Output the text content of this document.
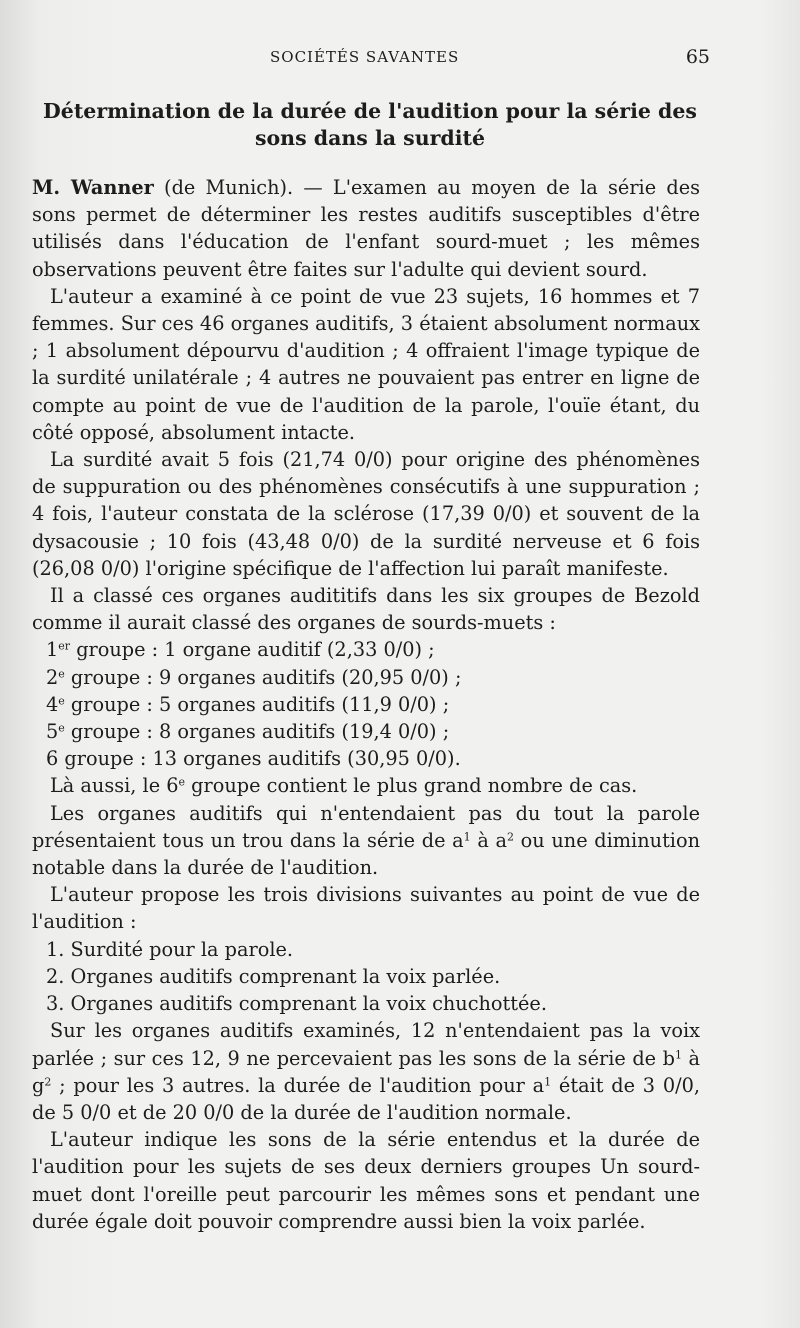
SOCIÉTÉS SAVANTES	65
Détermination de la durée de l'audition pour la série des
sons dans la surdité

M. Wanner (de Munich). — L'examen au moyen de la série des sons permet de déterminer les restes auditifs susceptibles d'être utilisés dans l'éducation de l'enfant sourd-muet ; les mêmes observations peuvent être faites sur l'adulte qui devient sourd.

L'auteur a examiné à ce point de vue 23 sujets, 16 hommes et 7 femmes. Sur ces 46 organes auditifs, 3 étaient absolument normaux ; 1 absolument dépourvu d'audition ; 4 offraient l'image typique de la surdité unilatérale ; 4 autres ne pouvaient pas entrer en ligne de compte au point de vue de l'audition de la parole, l'ouïe étant, du côté opposé, absolument intacte.

La surdité avait 5 fois (21,74 0/0) pour origine des phénomènes de suppuration ou des phénomènes consécutifs à une suppuration ; 4 fois, l'auteur constata de la sclérose (17,39 0/0) et souvent de la dysacousie ; 10 fois (43,48 0/0) de la surdité nerveuse et 6 fois (26,08 0/0) l'origine spécifique de l'affection lui paraît manifeste.

Il a classé ces organes audititifs dans les six groupes de Bezold comme il aurait classé des organes de sourds-muets :

1er groupe : 1 organe auditif (2,33 0/0) ;

2e groupe : 9 organes auditifs (20,95 0/0) ;

4e groupe : 5 organes auditifs (11,9 0/0) ;

5e groupe : 8 organes auditifs (19,4 0/0) ;

6 groupe : 13 organes auditifs (30,95 0/0).

Là aussi, le 6e groupe contient le plus grand nombre de cas.

Les organes auditifs qui n'entendaient pas du tout la parole présentaient tous un trou dans la série de $a^1$ à $a^2$ ou une diminution notable dans la durée de l'audition.

L'auteur propose les trois divisions suivantes au point de vue de l'audition :

1. Surdité pour la parole.

2. Organes auditifs comprenant la voix parlée.

3. Organes auditifs comprenant la voix chuchottée.

Sur les organes auditifs examinés, 12 n'entendaient pas la voix parlée ; sur ces 12, 9 ne percevaient pas les sons de la série de $b^1$ à $g^2$ ; pour les 3 autres. la durée de l'audition pour $a^1$ était de 3 0/0, de 5 0/0 et de 20 0/0 de la durée de l'audition normale.

L'auteur indique les sons de la série entendus et la durée de l'audition pour les sujets de ses deux derniers groupes Un sourd-muet dont l'oreille peut parcourir les mêmes sons et pendant une durée égale doit pouvoir comprendre aussi bien la voix parlée.
